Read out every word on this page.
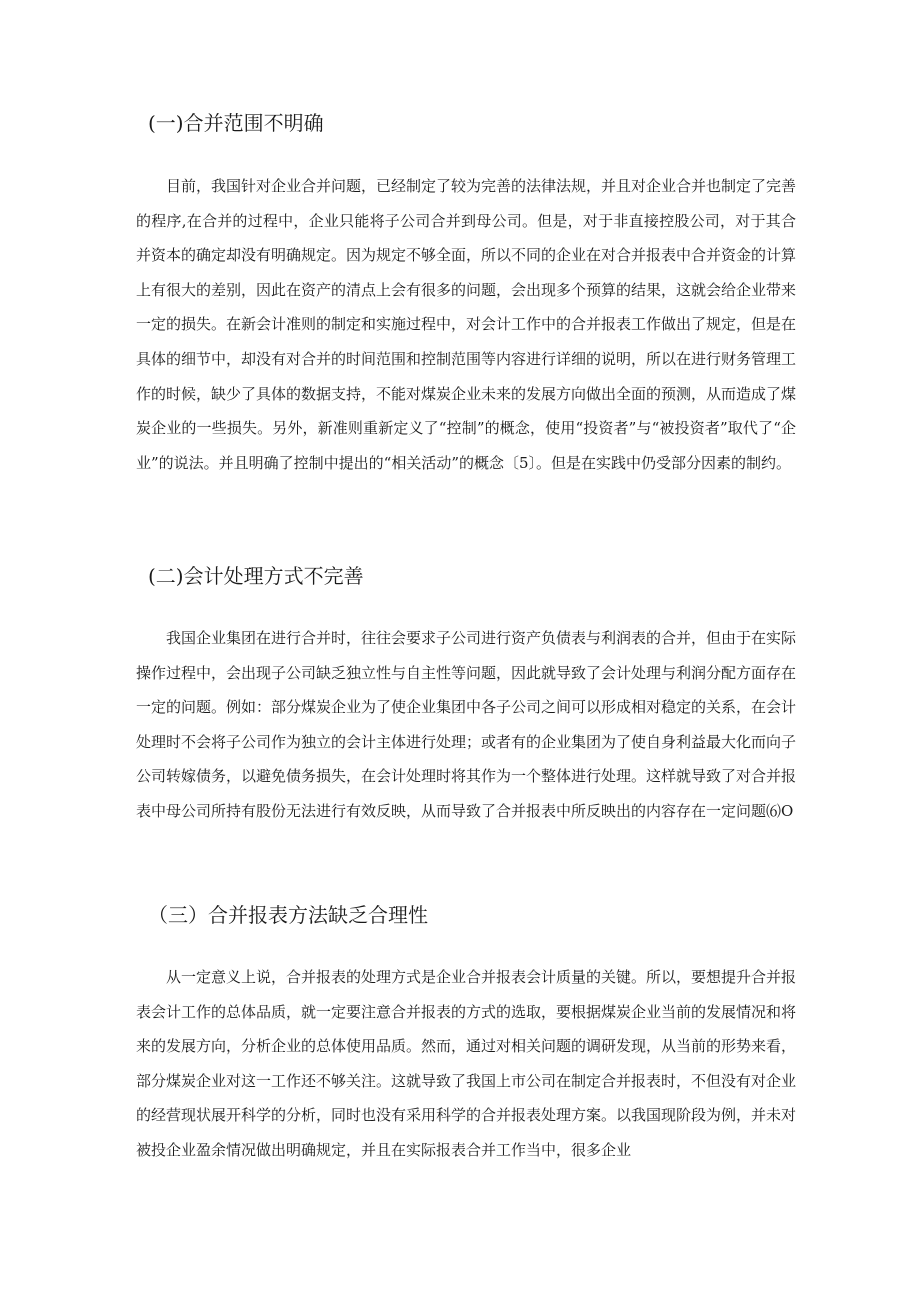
(一)合并范围不明确

目前，我国针对企业合并问题，已经制定了较为完善的法律法规，并且对企业合并也制定了完善的程序,在合并的过程中，企业只能将子公司合并到母公司。但是，对于非直接控股公司，对于其合并资本的确定却没有明确规定。因为规定不够全面，所以不同的企业在对合并报表中合并资金的计算上有很大的差别，因此在资产的清点上会有很多的问题，会出现多个预算的结果，这就会给企业带来一定的损失。在新会计准则的制定和实施过程中，对会计工作中的合并报表工作做出了规定，但是在具体的细节中，却没有对合并的时间范围和控制范围等内容进行详细的说明，所以在进行财务管理工作的时候，缺少了具体的数据支持，不能对煤炭企业未来的发展方向做出全面的预测，从而造成了煤炭企业的一些损失。另外，新准则重新定义了“控制”的概念，使用“投资者”与“被投资者”取代了“企业”的说法。并且明确了控制中提出的“相关活动”的概念〔5〕。但是在实践中仍受部分因素的制约。

(二)会计处理方式不完善

我国企业集团在进行合并时，往往会要求子公司进行资产负债表与利润表的合并，但由于在实际操作过程中，会出现子公司缺乏独立性与自主性等问题，因此就导致了会计处理与利润分配方面存在一定的问题。例如：部分煤炭企业为了使企业集团中各子公司之间可以形成相对稳定的关系，在会计处理时不会将子公司作为独立的会计主体进行处理；或者有的企业集团为了使自身利益最大化而向子公司转嫁债务，以避免债务损失，在会计处理时将其作为一个整体进行处理。这样就导致了对合并报表中母公司所持有股份无法进行有效反映，从而导致了合并报表中所反映出的内容存在一定问题⑹O

（三）合并报表方法缺乏合理性

从一定意义上说，合并报表的处理方式是企业合并报表会计质量的关键。所以，要想提升合并报表会计工作的总体品质，就一定要注意合并报表的方式的选取，要根据煤炭企业当前的发展情况和将来的发展方向，分析企业的总体使用品质。然而，通过对相关问题的调研发现，从当前的形势来看，部分煤炭企业对这一工作还不够关注。这就导致了我国上市公司在制定合并报表时，不但没有对企业的经营现状展开科学的分析，同时也没有采用科学的合并报表处理方案。以我国现阶段为例，并未对被投企业盈余情况做出明确规定，并且在实际报表合并工作当中，很多企业
